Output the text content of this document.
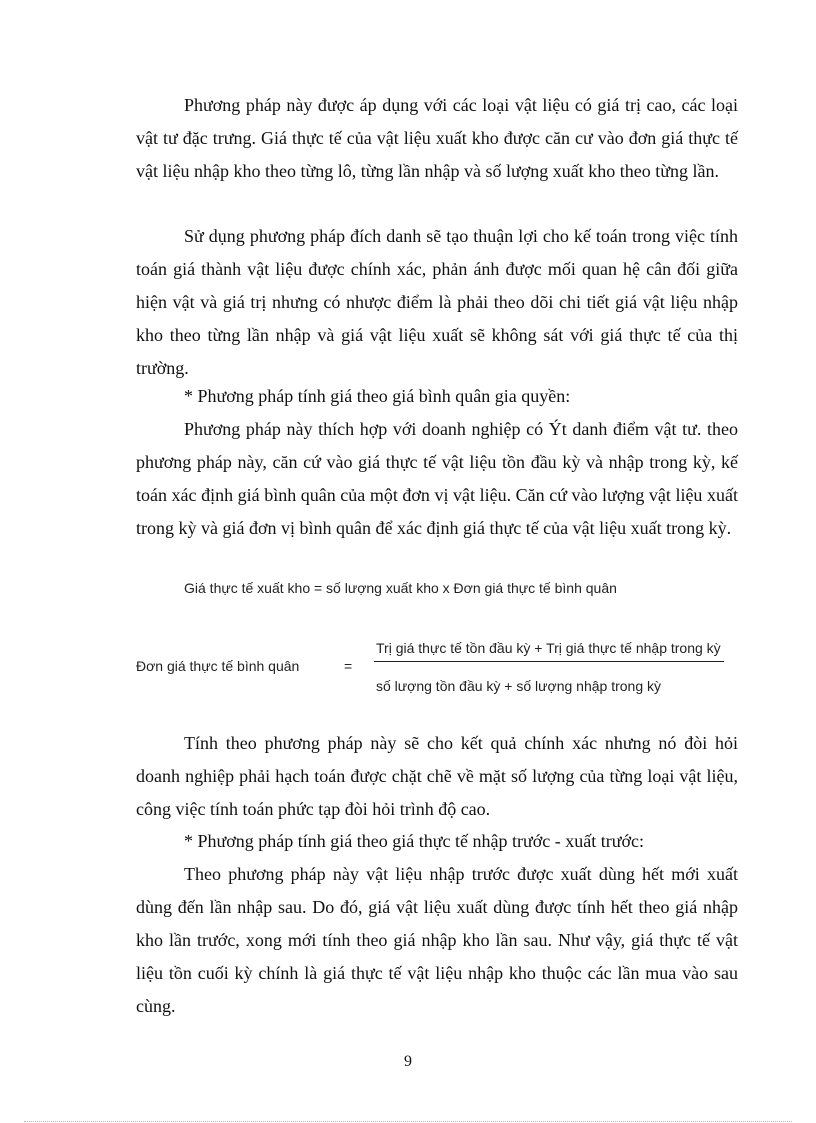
Phương pháp này được áp dụng với các loại vật liệu có giá trị cao, các loại vật tư đặc trưng. Giá thực tế của vật liệu xuất kho được căn cư vào đơn giá thực tế vật liệu nhập kho theo từng lô, từng lần nhập và số lượng xuất kho theo từng lần.

Sử dụng phương pháp đích danh sẽ tạo thuận lợi cho kế toán trong việc tính toán giá thành vật liệu được chính xác, phản ánh được mối quan hệ cân đối giữa hiện vật và giá trị nhưng có nhược điểm là phải theo dõi chi tiết giá vật liệu nhập kho theo từng lần nhập và giá vật liệu xuất sẽ không sát với giá thực tế của thị trường.

* Phương pháp tính giá theo giá bình quân gia quyền:

Phương pháp này thích hợp với doanh nghiệp có Ýt danh điểm vật tư. theo phương pháp này, căn cứ vào giá thực tế vật liệu tồn đầu kỳ và nhập trong kỳ, kế toán xác định giá bình quân của một đơn vị vật liệu. Căn cứ vào lượng vật liệu xuất trong kỳ và giá đơn vị bình quân để xác định giá thực tế của vật liệu xuất trong kỳ.

Giá thực tế xuất kho = số lượng xuất kho x Đơn giá thực tế bình quân
Đơn giá thực tế bình quân	=
Trị giá thực tế tồn đầu kỳ + Trị giá thực tế nhập trong kỳ
số lượng tồn đầu kỳ + số lượng nhập trong kỳ

Tính theo phương pháp này sẽ cho kết quả chính xác nhưng nó đòi hỏi doanh nghiệp phải hạch toán được chặt chẽ về mặt số lượng của từng loại vật liệu, công việc tính toán phức tạp đòi hỏi trình độ cao.

* Phương pháp tính giá theo giá thực tế nhập trước - xuất trước:

Theo phương pháp này vật liệu nhập trước được xuất dùng hết mới xuất dùng đến lần nhập sau. Do đó, giá vật liệu xuất dùng được tính hết theo giá nhập kho lần trước, xong mới tính theo giá nhập kho lần sau. Như vậy, giá thực tế vật liệu tồn cuối kỳ chính là giá thực tế vật liệu nhập kho thuộc các lần mua vào sau cùng.

9
